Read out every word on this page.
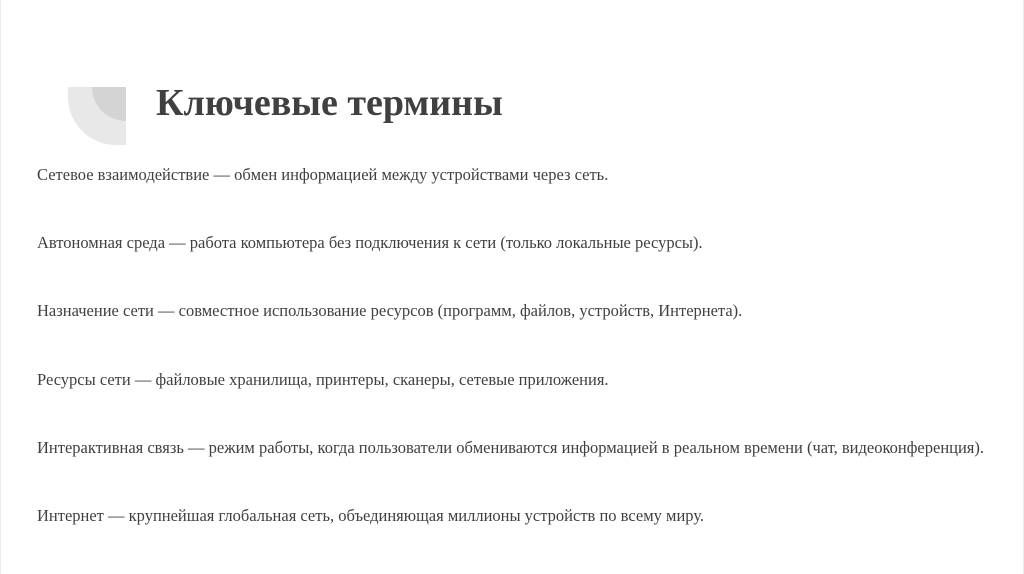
Ключевые термины
Сетевое взаимодействие — обмен информацией между устройствами через сеть.
Автономная среда — работа компьютера без подключения к сети (только локальные ресурсы).
Назначение сети — совместное использование ресурсов (программ, файлов, устройств, Интернета).
Ресурсы сети — файловые хранилища, принтеры, сканеры, сетевые приложения.
Интерактивная связь — режим работы, когда пользователи обмениваются информацией в реальном времени (чат, видеоконференция).
Интернет — крупнейшая глобальная сеть, объединяющая миллионы устройств по всему миру.
